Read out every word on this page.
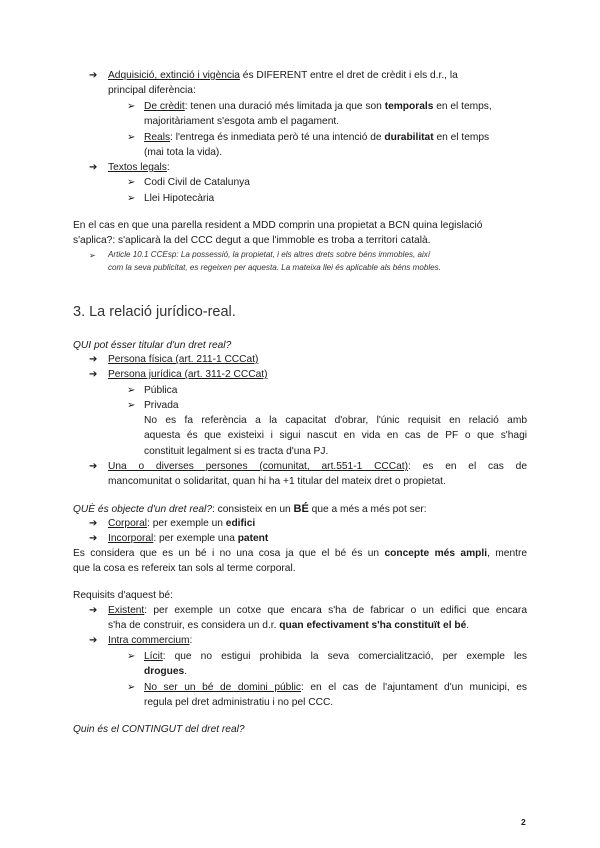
➔ Adquisició, extinció i vigència és DIFERENT entre el dret de crèdit i els d.r., la
principal diferència:
➢ De crèdit: tenen una duració més limitada ja que son temporals en el temps,
majoritàriament s'esgota amb el pagament.
➢ Reals: l'entrega és inmediata però té una intenció de durabilitat en el temps
(mai tota la vida).
➔ Textos legals:
➢ Codi Civil de Catalunya
➢ Llei Hipotecària
En el cas en que una parella resident a MDD comprin una propietat a BCN quina legislació
s'aplica?: s'aplicarà la del CCC degut a que l'immoble es troba a territori català.
➢ Article 10.1 CCEsp: La possessió, la propietat, i els altres drets sobre béns immobles, així
com la seva publicitat, es regeixen per aquesta. La mateixa llei és aplicable als béns mobles.
3. La relació jurídico-real.
QUI pot ésser titular d'un dret real?
➔ Persona física (art. 211-1 CCCat)
➔ Persona jurídica (art. 311-2 CCCat)
➢ Pública
➢ Privada
No es fa referència a la capacitat d'obrar, l'únic requisit en relació amb
aquesta és que existeixi i sigui nascut en vida en cas de PF o que s'hagi
constituit legalment si es tracta d'una PJ.
➔ Una o diverses persones (comunitat, art.551-1 CCCat): es en el cas de
mancomunitat o solidaritat, quan hi ha +1 titular del mateix dret o propietat.
QUÈ és objecte d'un dret real?: consisteix en un BÉ que a més a més pot ser:
➔ Corporal: per exemple un edifici
➔ Incorporal: per exemple una patent
Es considera que es un bé i no una cosa ja que el bé és un concepte més ampli, mentre
que la cosa es refereix tan sols al terme corporal.
Requisits d'aquest bé:
➔ Existent: per exemple un cotxe que encara s'ha de fabricar o un edifici que encara
s'ha de construir, es considera un d.r. quan efectivament s'ha constituït el bé.
➔ Intra commercium:
➢ Lícit: que no estigui prohibida la seva comercialització, per exemple les
drogues.
➢ No ser un bé de domini públic: en el cas de l'ajuntament d'un municipi, es
regula pel dret administratiu i no pel CCC.
Quin és el CONTINGUT del dret real?
2
